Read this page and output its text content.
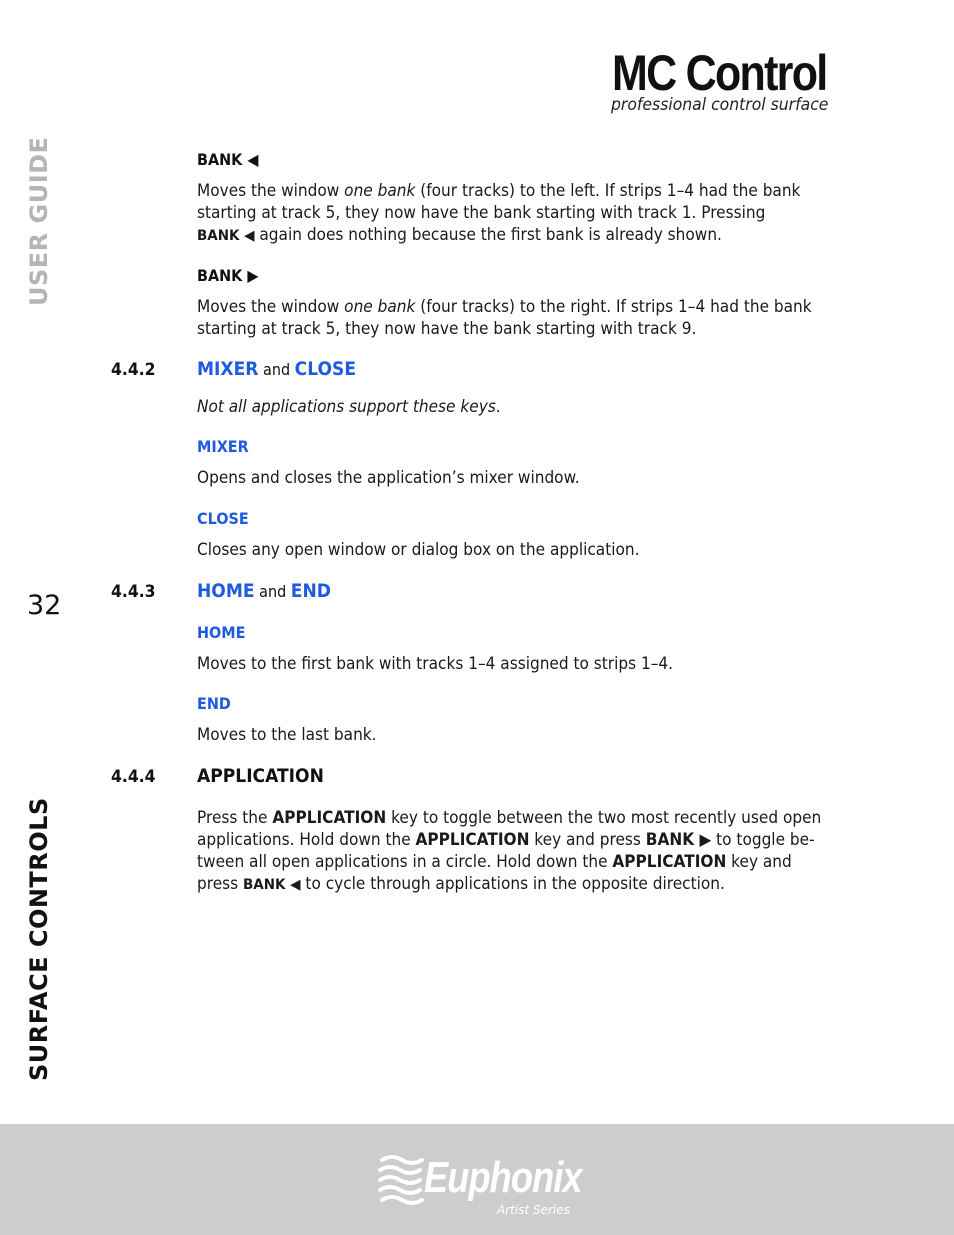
MC Control
professional control surface
USER GUIDE
SURFACE CONTROLS
32
BANK ◀
Moves the window one bank (four tracks) to the left. If strips 1–4 had the bank
starting at track 5, they now have the bank starting with track 1. Pressing
BANK ◀ again does nothing because the first bank is already shown.
BANK ▶
Moves the window one bank (four tracks) to the right. If strips 1–4 had the bank
starting at track 5, they now have the bank starting with track 9.
4.4.2 MIXER and CLOSE
Not all applications support these keys.
MIXER
Opens and closes the application’s mixer window.
CLOSE
Closes any open window or dialog box on the application.
4.4.3 HOME and END
HOME
Moves to the first bank with tracks 1–4 assigned to strips 1–4.
END
Moves to the last bank.
4.4.4 APPLICATION
Press the APPLICATION key to toggle between the two most recently used open
applications. Hold down the APPLICATION key and press BANK ▶ to toggle be-
tween all open applications in a circle. Hold down the APPLICATION key and
press BANK ◀ to cycle through applications in the opposite direction.
Euphonix
Artist Series
